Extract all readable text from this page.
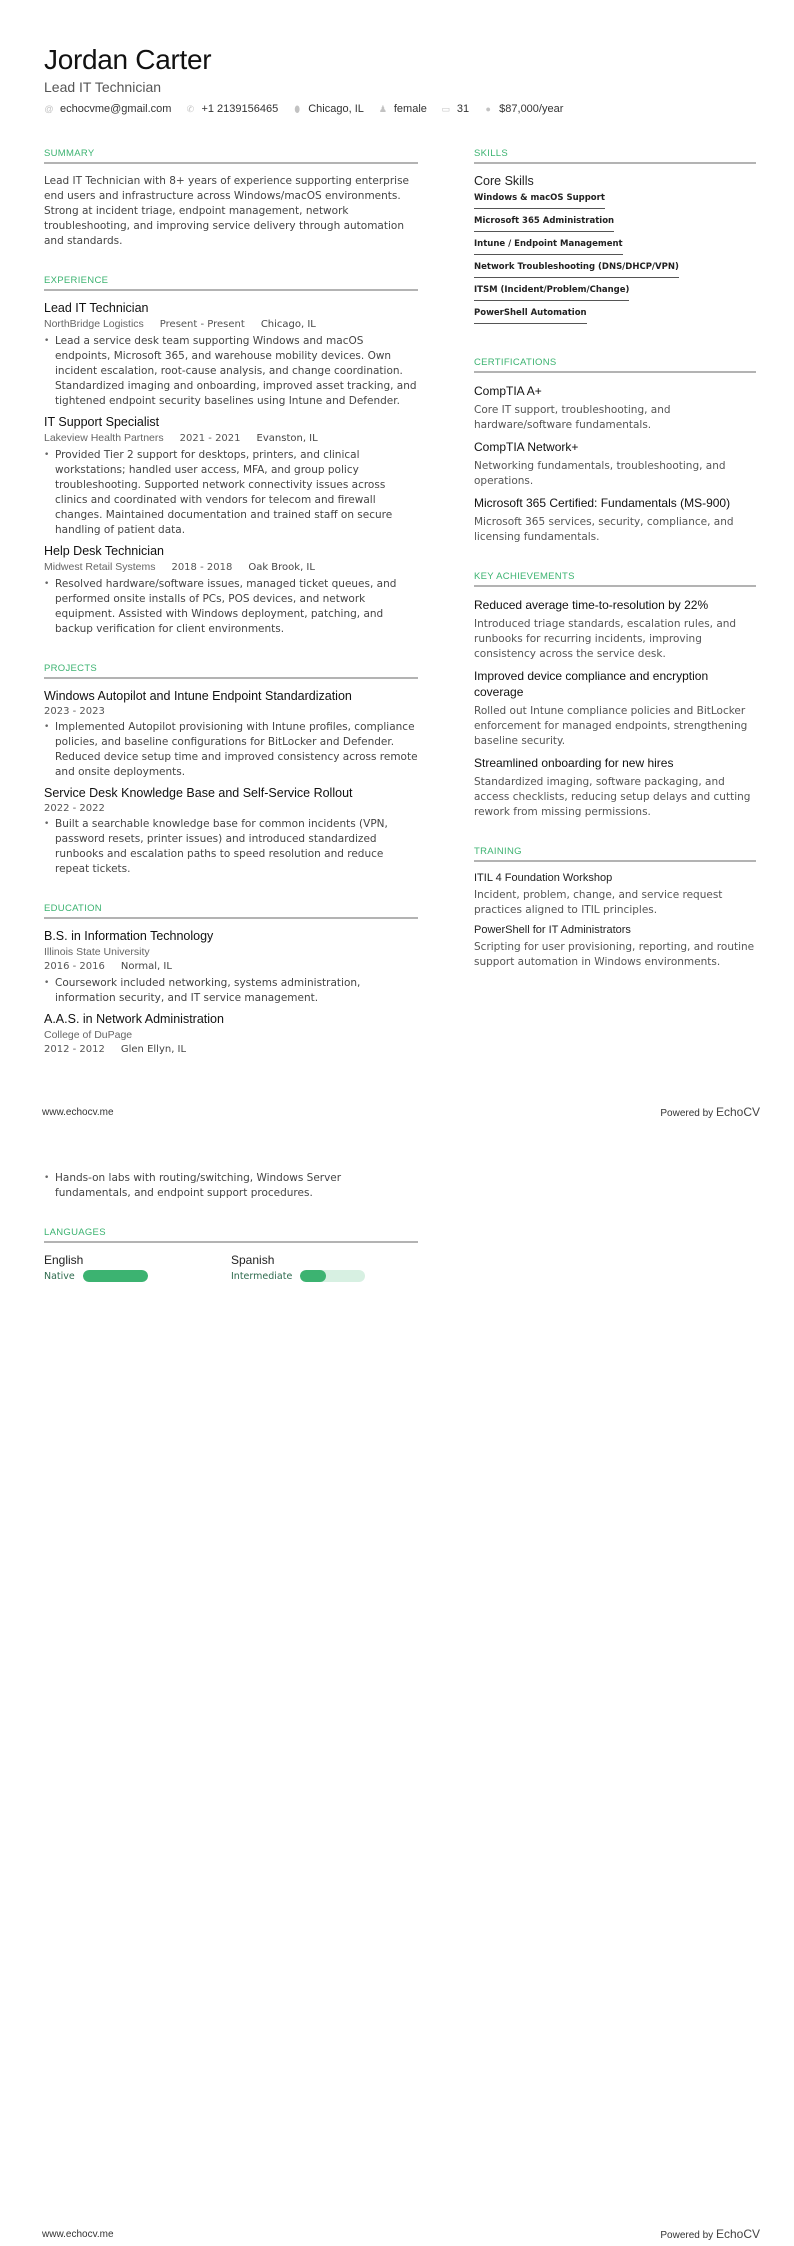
Jordan Carter
Lead IT Technician
@ echocvme@gmail.com ✆ +1 2139156465 ⬮ Chicago, IL ♟ female ▭ 31 ● $87,000/year
SUMMARY

Lead IT Technician with 8+ years of experience supporting enterprise end users and infrastructure across Windows/macOS environments. Strong at incident triage, endpoint management, network troubleshooting, and improving service delivery through automation and standards.

EXPERIENCE
Lead IT Technician
NorthBridge Logistics Present - Present Chicago, IL
• Lead a service desk team supporting Windows and macOS endpoints, Microsoft 365, and warehouse mobility devices. Own incident escalation, root-cause analysis, and change coordination. Standardized imaging and onboarding, improved asset tracking, and tightened endpoint security baselines using Intune and Defender.
IT Support Specialist
Lakeview Health Partners 2021 - 2021 Evanston, IL
• Provided Tier 2 support for desktops, printers, and clinical workstations; handled user access, MFA, and group policy troubleshooting. Supported network connectivity issues across clinics and coordinated with vendors for telecom and firewall changes. Maintained documentation and trained staff on secure handling of patient data.
Help Desk Technician
Midwest Retail Systems 2018 - 2018 Oak Brook, IL
• Resolved hardware/software issues, managed ticket queues, and performed onsite installs of PCs, POS devices, and network equipment. Assisted with Windows deployment, patching, and backup verification for client environments.
PROJECTS
Windows Autopilot and Intune Endpoint Standardization
2023 - 2023
• Implemented Autopilot provisioning with Intune profiles, compliance policies, and baseline configurations for BitLocker and Defender. Reduced device setup time and improved consistency across remote and onsite deployments.
Service Desk Knowledge Base and Self-Service Rollout
2022 - 2022
• Built a searchable knowledge base for common incidents (VPN, password resets, printer issues) and introduced standardized runbooks and escalation paths to speed resolution and reduce repeat tickets.
EDUCATION
B.S. in Information Technology
Illinois State University
2016 - 2016 Normal, IL
• Coursework included networking, systems administration, information security, and IT service management.
A.A.S. in Network Administration
College of DuPage
2012 - 2012 Glen Ellyn, IL
SKILLS
Core Skills
Windows & macOS Support
Microsoft 365 Administration
Intune / Endpoint Management
Network Troubleshooting (DNS/DHCP/VPN)
ITSM (Incident/Problem/Change)
PowerShell Automation
CERTIFICATIONS
CompTIA A+
Core IT support, troubleshooting, and hardware/software fundamentals.
CompTIA Network+
Networking fundamentals, troubleshooting, and operations.
Microsoft 365 Certified: Fundamentals (MS-900)
Microsoft 365 services, security, compliance, and licensing fundamentals.
KEY ACHIEVEMENTS
Reduced average time-to-resolution by 22%
Introduced triage standards, escalation rules, and runbooks for recurring incidents, improving consistency across the service desk.
Improved device compliance and encryption coverage
Rolled out Intune compliance policies and BitLocker enforcement for managed endpoints, strengthening baseline security.
Streamlined onboarding for new hires
Standardized imaging, software packaging, and access checklists, reducing setup delays and cutting rework from missing permissions.
TRAINING
ITIL 4 Foundation Workshop
Incident, problem, change, and service request practices aligned to ITIL principles.
PowerShell for IT Administrators
Scripting for user provisioning, reporting, and routine support automation in Windows environments.
www.echocv.me	Powered by EchoCV
• Hands-on labs with routing/switching, Windows Server fundamentals, and endpoint support procedures.
LANGUAGES
English
Native
Spanish
Intermediate
www.echocv.me	Powered by EchoCV
